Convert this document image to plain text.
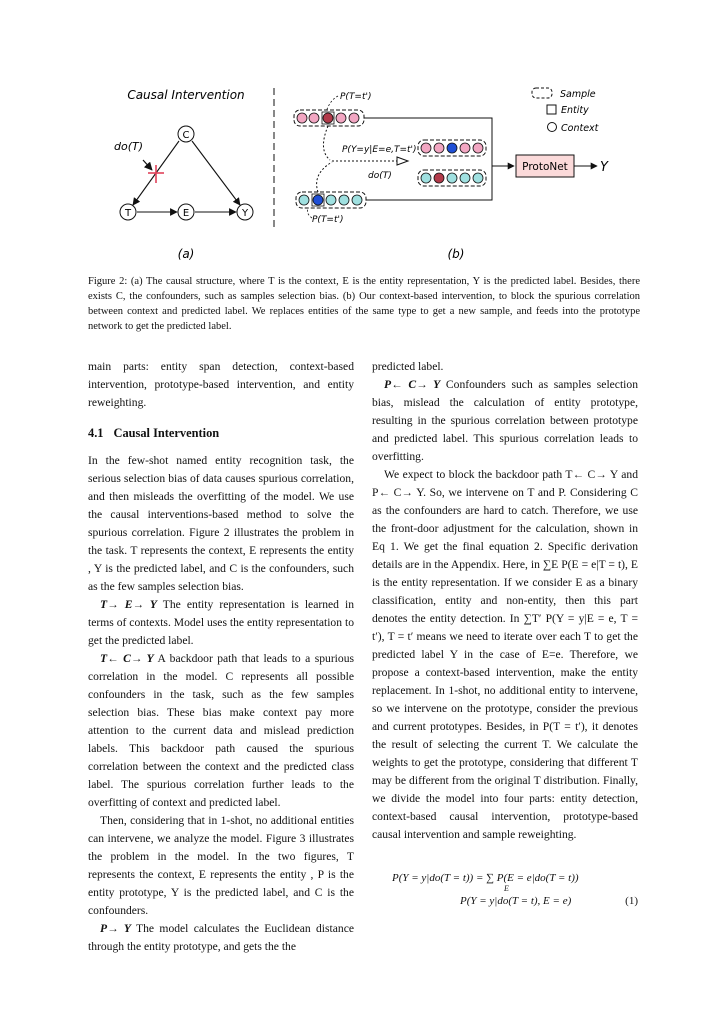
Causal Intervention
do(T)
C
T	E	Y
(a)
P(T=t')
P(T=t')
P(Y=y|E=e,T=t')
do(T)
ProtoNet Y
(b)
Sample
Entity
Context
Figure 2: (a) The causal structure, where T is the context, E is the entity representation, Y is the predicted label. Besides, there exists C, the confounders, such as samples selection bias. (b) Our context-based intervention, to block the spurious correlation between context and predicted label. We replaces entities of the same type to get a new sample, and feeds into the prototype network to get the predicted label.

main parts: entity span detection, context-based intervention, prototype-based intervention, and entity reweighting.

4.1 Causal Intervention

In the few-shot named entity recognition task, the serious selection bias of data causes spurious correlation, and then misleads the overfitting of the model. We use the causal interventions-based method to solve the spurious correlation. Figure 2 illustrates the problem in the task. T represents the context, E represents the entity , Y is the predicted label, and C is the confounders, such as the few samples selection bias.

T→ E→ Y The entity representation is learned in terms of contexts. Model uses the entity representation to get the predicted label.

T← C→ Y A backdoor path that leads to a spurious correlation in the model. C represents all possible confounders in the task, such as the few samples selection bias. These bias make context pay more attention to the current data and mislead prediction labels. This backdoor path caused the spurious correlation between the context and the predicted class label. The spurious correlation further leads to the overfitting of context and predicted label.

Then, considering that in 1-shot, no additional entities can intervene, we analyze the model. Figure 3 illustrates the problem in the model. In the two figures, T represents the context, E represents the entity , P is the entity prototype, Y is the predicted label, and C is the confounders.

P→ Y The model calculates the Euclidean distance through the entity prototype, and gets the the

predicted label.

P← C→ Y Confounders such as samples selection bias, mislead the calculation of entity prototype, resulting in the spurious correlation between prototype and predicted label. This spurious correlation leads to overfitting.

We expect to block the backdoor path T← C→ Y and P← C→ Y. So, we intervene on T and P. Considering C as the confounders are hard to catch. Therefore, we use the front-door adjustment for the calculation, shown in Eq 1. We get the final equation 2. Specific derivation details are in the Appendix. Here, in ∑E P(E = e|T = t), E is the entity representation. If we consider E as a binary classification, entity and non-entity, then this part denotes the entity detection. In ∑T′ P(Y = y|E = e, T = t′), T = t′ means we need to iterate over each T to get the predicted label Y in the case of E=e. Therefore, we propose a context-based intervention, make the entity replacement. In 1-shot, no additional entity to intervene, so we intervene on the prototype, consider the previous and current prototypes. Besides, in P(T = t′), it denotes the result of selecting the current T. We calculate the weights to get the prototype, considering that different T may be different from the original T distribution. Finally, we divide the model into four parts: entity detection, context-based causal intervention, prototype-based causal intervention and sample reweighting.

P(Y = y|do(T = t)) = ∑ P(E = e|do(T = t))
E
P(Y = y|do(T = t), E = e)	(1)
